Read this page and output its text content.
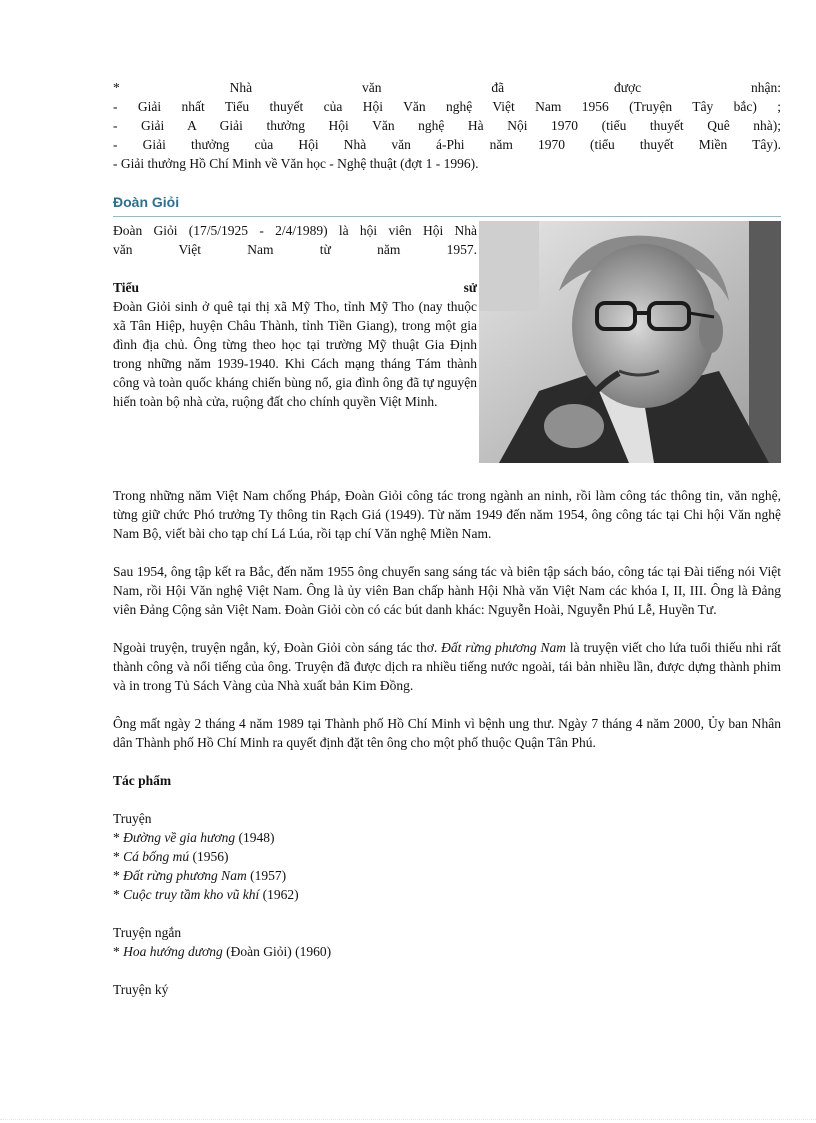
* Nhà văn đã được nhận:

- Giải nhất Tiểu thuyết của Hội Văn nghệ Việt Nam 1956 (Truyện Tây bắc) ;

- Giải A Giải thưởng Hội Văn nghệ Hà Nội 1970 (tiểu thuyết Quê nhà);

- Giải thưởng của Hội Nhà văn á-Phi năm 1970 (tiểu thuyết Miền Tây).

- Giải thưởng Hồ Chí Minh về Văn học - Nghệ thuật (đợt 1 - 1996).

Đoàn Giỏi

Đoàn Giỏi (17/5/1925 - 2/4/1989) là hội viên Hội Nhà

văn Việt Nam từ năm 1957.

Tiểu sử

Đoàn Giỏi sinh ở quê tại thị xã Mỹ Tho, tỉnh Mỹ Tho (nay thuộc xã Tân Hiệp, huyện Châu Thành, tỉnh Tiền Giang), trong một gia đình địa chủ. Ông từng theo học tại trường Mỹ thuật Gia Định trong những năm 1939-1940. Khi Cách mạng tháng Tám thành công và toàn quốc kháng chiến bùng nổ, gia đình ông đã tự nguyện hiến toàn bộ nhà cửa, ruộng đất cho chính quyền Việt Minh.

Trong những năm Việt Nam chống Pháp, Đoàn Giỏi công tác trong ngành an ninh, rồi làm công tác thông tin, văn nghệ, từng giữ chức Phó trưởng Ty thông tin Rạch Giá (1949). Từ năm 1949 đến năm 1954, ông công tác tại Chi hội Văn nghệ Nam Bộ, viết bài cho tạp chí Lá Lúa, rồi tạp chí Văn nghệ Miền Nam.

Sau 1954, ông tập kết ra Bắc, đến năm 1955 ông chuyển sang sáng tác và biên tập sách báo, công tác tại Đài tiếng nói Việt Nam, rồi Hội Văn nghệ Việt Nam. Ông là ủy viên Ban chấp hành Hội Nhà văn Việt Nam các khóa I, II, III. Ông là Đảng viên Đảng Cộng sản Việt Nam. Đoàn Giỏi còn có các bút danh khác: Nguyễn Hoài, Nguyễn Phú Lễ, Huyền Tư.

Ngoài truyện, truyện ngắn, ký, Đoàn Giỏi còn sáng tác thơ. Đất rừng phương Nam là truyện viết cho lứa tuổi thiếu nhi rất thành công và nổi tiếng của ông. Truyện đã được dịch ra nhiều tiếng nước ngoài, tái bản nhiều lần, được dựng thành phim và in trong Tủ Sách Vàng của Nhà xuất bản Kim Đồng.

Ông mất ngày 2 tháng 4 năm 1989 tại Thành phố Hồ Chí Minh vì bệnh ung thư. Ngày 7 tháng 4 năm 2000, Ủy ban Nhân dân Thành phố Hồ Chí Minh ra quyết định đặt tên ông cho một phố thuộc Quận Tân Phú.

Tác phẩm

Truyện

* Đường về gia hương (1948)

* Cá bống mú (1956)

* Đất rừng phương Nam (1957)

* Cuộc truy tầm kho vũ khí (1962)

Truyện ngắn

* Hoa hướng dương (Đoàn Giỏi) (1960)

Truyện ký
